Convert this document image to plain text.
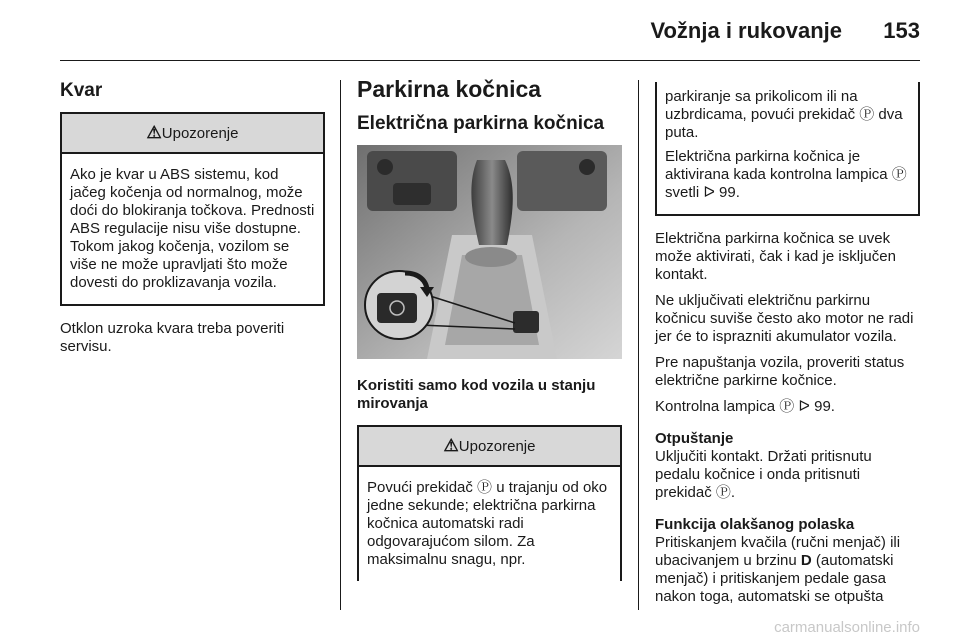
Vožnja i rukovanje 153
Kvar
⚠Upozorenje

Ako je kvar u ABS sistemu, kod jačeg kočenja od normalnog, može doći do blokiranja točkova. Prednosti ABS regulacije nisu više dostupne. Tokom jakog kočenja, vozilom se više ne može upravljati što može dovesti do proklizavanja vozila.

Otklon uzroka kvara treba poveriti servisu.

Parkirna kočnica
Električna parkirna kočnica
Koristiti samo kod vozila u stanju mirovanja
⚠Upozorenje

Povući prekidač Ⓟ u trajanju od oko jedne sekunde; električna parkirna kočnica automatski radi odgovarajućom silom. Za maksimalnu snagu, npr.

parkiranje sa prikolicom ili na uzbrdicama, povući prekidač Ⓟ dva puta.

Električna parkirna kočnica je aktivirana kada kontrolna lampica Ⓟ svetli ᐅ 99.

Električna parkirna kočnica se uvek može aktivirati, čak i kad je isključen kontakt.

Ne uključivati električnu parkirnu kočnicu suviše često ako motor ne radi jer će to isprazniti akumulator vozila.

Pre napuštanja vozila, proveriti status električne parkirne kočnice.

Kontrolna lampica Ⓟ ᐅ 99.

Otpuštanje

Uključiti kontakt. Držati pritisnutu pedalu kočnice i onda pritisnuti prekidač Ⓟ.

Funkcija olakšanog polaska

Pritiskanjem kvačila (ručni menjač) ili ubacivanjem u brzinu D (automatski menjač) i pritiskanjem pedale gasa nakon toga, automatski se otpušta

carmanualsonline.info
